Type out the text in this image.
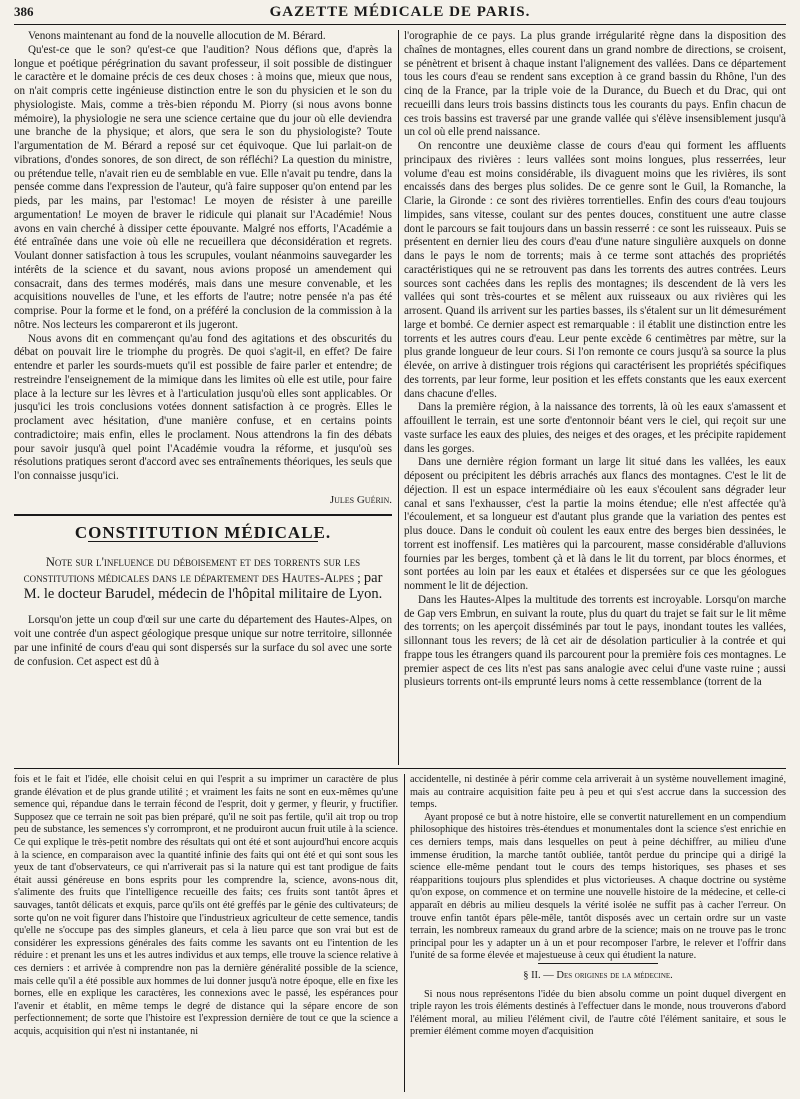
386	GAZETTE MÉDICALE DE PARIS.

Venons maintenant au fond de la nouvelle allocution de M. Bérard.

Qu'est-ce que le son? qu'est-ce que l'audition? Nous défions que, d'après la longue et poétique pérégrination du savant professeur, il soit possible de distinguer le caractère et le domaine précis de ces deux choses : à moins que, mieux que nous, on n'ait compris cette ingénieuse distinction entre le son du physicien et le son du physiologiste. Mais, comme a très-bien répondu M. Piorry (si nous avons bonne mémoire), la physiologie ne sera une science certaine que du jour où elle deviendra une branche de la physique; et alors, que sera le son du physiologiste? Toute l'argumentation de M. Bérard a reposé sur cet équivoque. Que lui parlait-on de vibrations, d'ondes sonores, de son direct, de son réfléchi? La question du ministre, ou prétendue telle, n'avait rien eu de semblable en vue. Elle n'avait pu tendre, dans la pensée comme dans l'expression de l'auteur, qu'à faire supposer qu'on entend par les pieds, par les mains, par l'estomac! Le moyen de résister à une pareille argumentation! Le moyen de braver le ridicule qui planait sur l'Académie! Nous avons en vain cherché à dissiper cette épouvante. Malgré nos efforts, l'Académie a été entraînée dans une voie où elle ne recueillera que déconsidération et regrets. Voulant donner satisfaction à tous les scrupules, voulant néanmoins sauvegarder les intérêts de la science et du savant, nous avions proposé un amendement qui consacrait, dans des termes modérés, mais dans une mesure convenable, et les acquisitions nouvelles de l'une, et les efforts de l'autre; notre pensée n'a pas été comprise. Pour la forme et le fond, on a préféré la conclusion de la commission à la nôtre. Nos lecteurs les compareront et ils jugeront.

Nous avons dit en commençant qu'au fond des agitations et des obscurités du débat on pouvait lire le triomphe du progrès. De quoi s'agit-il, en effet? De faire entendre et parler les sourds-muets qu'il est possible de faire parler et entendre; de restreindre l'enseignement de la mimique dans les limites où elle est utile, pour faire place à la lecture sur les lèvres et à l'articulation jusqu'où elles sont applicables. Or jusqu'ici les trois conclusions votées donnent satisfaction à ce progrès. Elles le proclament avec hésitation, d'une manière confuse, et en certains points contradictoire; mais enfin, elles le proclament. Nous attendrons la fin des débats pour savoir jusqu'à quel point l'Académie voudra la réforme, et jusqu'où ses résolutions pratiques seront d'accord avec ses entraînements théoriques, les seuls que l'on connaisse jusqu'ici.

Jules Guérin.
CONSTITUTION MÉDICALE.
Note sur l'influence du déboisement et des torrents sur les constitutions médicales dans le département des Hautes-Alpes ; par M. le docteur Barudel, médecin de l'hôpital militaire de Lyon.

Lorsqu'on jette un coup d'œil sur une carte du département des Hautes-Alpes, on voit une contrée d'un aspect géologique presque unique sur notre territoire, sillonnée par une infinité de cours d'eau qui sont dispersés sur la surface du sol avec une sorte de confusion. Cet aspect est dû à

l'orographie de ce pays. La plus grande irrégularité règne dans la disposition des chaînes de montagnes, elles courent dans un grand nombre de directions, se croisent, se pénètrent et brisent à chaque instant l'alignement des vallées. Dans ce département tous les cours d'eau se rendent sans exception à ce grand bassin du Rhône, l'un des cinq de la France, par la triple voie de la Durance, du Buech et du Drac, qui ont recueilli dans leurs trois bassins distincts tous les courants du pays. Enfin chacun de ces trois bassins est traversé par une grande vallée qui s'élève insensiblement jusqu'à un col où elle prend naissance.

On rencontre une deuxième classe de cours d'eau qui forment les affluents principaux des rivières : leurs vallées sont moins longues, plus resserrées, leur volume d'eau est moins considérable, ils divaguent moins que les rivières, ils sont encaissés dans des berges plus solides. De ce genre sont le Guil, la Romanche, la Clarie, la Gironde : ce sont des rivières torrentielles. Enfin des cours d'eau toujours limpides, sans vitesse, coulant sur des pentes douces, constituent une autre classe dont le parcours se fait toujours dans un bassin resserré : ce sont les ruisseaux. Puis se présentent en dernier lieu des cours d'eau d'une nature singulière auxquels on donne dans le pays le nom de torrents; mais à ce terme sont attachés des propriétés caractéristiques qui ne se retrouvent pas dans les torrents des autres contrées. Leurs sources sont cachées dans les replis des montagnes; ils descendent de là vers les vallées qui sont très-courtes et se mêlent aux ruisseaux ou aux rivières qui les arrosent. Quand ils arrivent sur les parties basses, ils s'étalent sur un lit démesurément large et bombé. Ce dernier aspect est remarquable : il établit une distinction entre les torrents et les autres cours d'eau. Leur pente excède 6 centimètres par mètre, sur la plus grande longueur de leur cours. Si l'on remonte ce cours jusqu'à sa source la plus élevée, on arrive à distinguer trois régions qui caractérisent les propriétés spécifiques des torrents, par leur forme, leur position et les effets constants que les eaux exercent dans chacune d'elles.

Dans la première région, à la naissance des torrents, là où les eaux s'amassent et affouillent le terrain, est une sorte d'entonnoir béant vers le ciel, qui reçoit sur une vaste surface les eaux des pluies, des neiges et des orages, et les précipite rapidement dans les gorges.

Dans une dernière région formant un large lit situé dans les vallées, les eaux déposent ou précipitent les débris arrachés aux flancs des montagnes. C'est le lit de déjection. Il est un espace intermédiaire où les eaux s'écoulent sans dégrader leur canal et sans l'exhausser, c'est la partie la moins étendue; elle n'est affectée qu'à l'écoulement, et sa longueur est d'autant plus grande que la variation des pentes est plus douce. Dans le conduit où coulent les eaux entre des berges bien dessinées, le torrent est inoffensif. Les matières qui la parcourent, masse considérable d'alluvions fournies par les berges, tombent çà et là dans le lit du torrent, par blocs énormes, et sont portées au loin par les eaux et étalées et dispersées sur ce que les géologues nomment le lit de déjection.

Dans les Hautes-Alpes la multitude des torrents est incroyable. Lorsqu'on marche de Gap vers Embrun, en suivant la route, plus du quart du trajet se fait sur le lit même des torrents; on les aperçoit disséminés par tout le pays, inondant toutes les vallées, sillonnant tous les revers; de là cet air de désolation particulier à la contrée et qui frappe tous les étrangers quand ils parcourent pour la première fois ces montagnes. Le premier aspect de ces lits n'est pas sans analogie avec celui d'une vaste ruine ; aussi plusieurs torrents ont-ils emprunté leurs noms à cette ressemblance (torrent de la

fois et le fait et l'idée, elle choisit celui en qui l'esprit a su imprimer un caractère de plus grande élévation et de plus grande utilité ; et vraiment les faits ne sont en eux-mêmes qu'une semence qui, répandue dans le terrain fécond de l'esprit, doit y germer, y fleurir, y fructifier. Supposez que ce terrain ne soit pas bien préparé, qu'il ne soit pas fertile, qu'il ait trop ou trop peu de substance, les semences s'y corrompront, et ne produiront aucun fruit utile à la science. Ce qui explique le très-petit nombre des résultats qui ont été et sont aujourd'hui encore acquis à la science, en comparaison avec la quantité infinie des faits qui ont été et qui sont sous les yeux de tant d'observateurs, ce qui n'arriverait pas si la nature qui est tant prodigue de faits était aussi généreuse en bons esprits pour les comprendre la, science, avons-nous dit, s'alimente des fruits que l'intelligence recueille des faits; ces fruits sont tantôt âpres et sauvages, tantôt délicats et exquis, parce qu'ils ont été greffés par le génie des cultivateurs; de sorte qu'on ne voit figurer dans l'histoire que l'industrieux agriculteur de cette semence, tandis qu'elle ne s'occupe pas des simples glaneurs, et cela à lieu parce que son vrai but est de considérer les expressions générales des faits comme les savants ont eu l'intention de les réduire : et prenant les uns et les autres individus et aux temps, elle trouve la science relative à ces derniers : et arrivée à comprendre non pas la dernière généralité possible de la science, mais celle qu'il a été possible aux hommes de lui donner jusqu'à notre époque, elle en fixe les bornes, elle en explique les caractères, les connexions avec le passé, les espérances pour l'avenir et établit, en même temps le degré de distance qui la sépare encore de son perfectionnement; de sorte que l'histoire est l'expression dernière de tout ce que la science a acquis, acquisition qui n'est ni instantanée, ni

accidentelle, ni destinée à périr comme cela arriverait à un système nouvellement imaginé, mais au contraire acquisition faite peu à peu et qui s'est accrue dans la succession des temps.

Ayant proposé ce but à notre histoire, elle se convertit naturellement en un compendium philosophique des histoires très-étendues et monumentales dont la science s'est enrichie en ces derniers temps, mais dans lesquelles on peut à peine déchiffrer, au milieu d'une immense érudition, la marche tantôt oubliée, tantôt perdue du principe qui a dirigé la science elle-même pendant tout le cours des temps historiques, ses phases et ses réapparitions toujours plus splendides et plus victorieuses. A chaque doctrine ou système qu'on expose, on commence et on termine une nouvelle histoire de la médecine, et celle-ci apparaît en débris au milieu desquels la vérité isolée ne suffit pas à cacher l'erreur. On trouve enfin tantôt épars pêle-mêle, tantôt disposés avec un certain ordre sur un vaste terrain, les nombreux rameaux du grand arbre de la science; mais on ne trouve pas le tronc principal pour les y adapter un à un et pour recomposer l'arbre, le relever et l'offrir dans l'unité de sa forme élevée et majestueuse à ceux qui étudient la nature.

§ II. — Des origines de la médecine.

Si nous nous représentons l'idée du bien absolu comme un point duquel divergent en triple rayon les trois éléments destinés à l'effectuer dans le monde, nous trouverons d'abord l'élément moral, au milieu l'élément civil, de l'autre côté l'élément sanitaire, et sous le premier élément comme moyen d'acquisition
